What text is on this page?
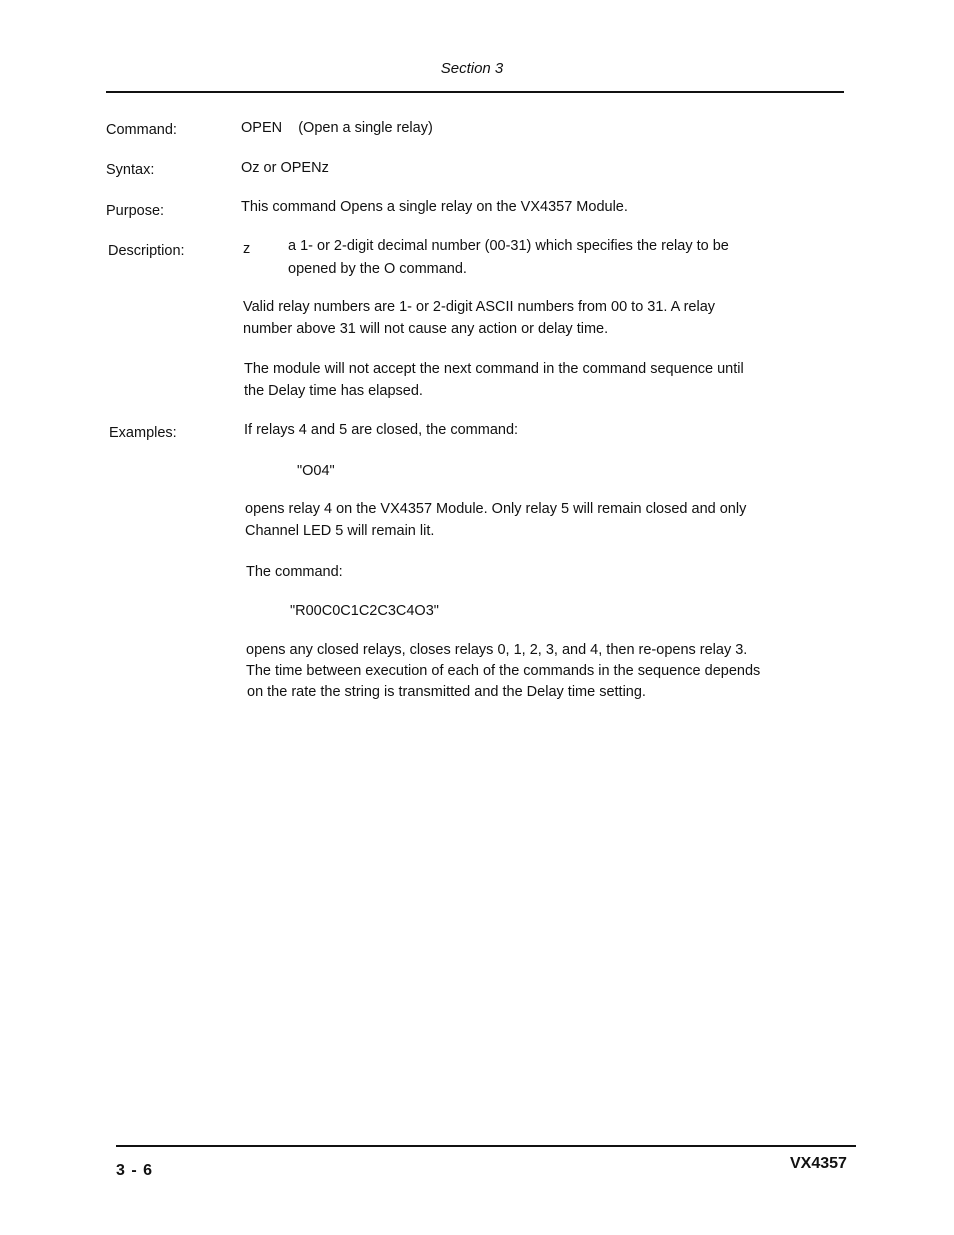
Section 3
Command:	OPEN    (Open a single relay)
Syntax:	Oz or OPENz
Purpose:	This command Opens a single relay on the VX4357 Module.
Description:	z	a 1- or 2-digit decimal number (00-31) which specifies the relay to be
opened by the O command.
Valid relay numbers are 1- or 2-digit ASCII numbers from 00 to 31. A relay
number above 31 will not cause any action or delay time.
The module will not accept the next command in the command sequence until
the Delay time has elapsed.
Examples:	If relays 4 and 5 are closed, the command:
"O04"
opens relay 4 on the VX4357 Module. Only relay 5 will remain closed and only
Channel LED 5 will remain lit.
The command:
"R00C0C1C2C3C4O3"
opens any closed relays, closes relays 0, 1, 2, 3, and 4, then re-opens relay 3.
The time between execution of each of the commands in the sequence depends
on the rate the string is transmitted and the Delay time setting.
3 - 6	VX4357
